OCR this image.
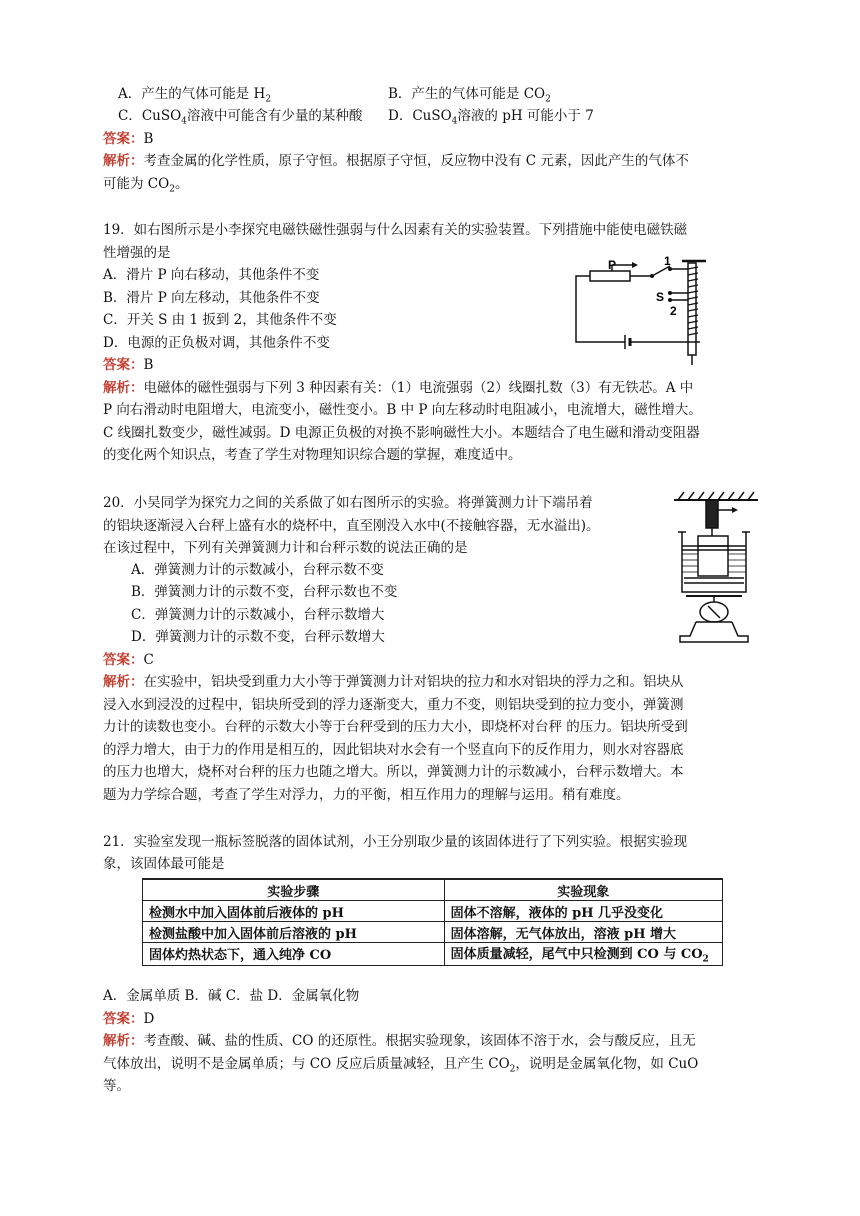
A．产生的气体可能是 $H_2$	B．产生的气体可能是 $CO_2$
C．CuSO$_4$溶液中可能含有少量的某种酸 D．CuSO$_4$溶液的 pH 可能小于 7
答案：B
解析：考查金属的化学性质，原子守恒。根据原子守恒，反应物中没有 C 元素，因此产生的气体不
可能为 $CO_2$。
19．如右图所示是小李探究电磁铁磁性强弱与什么因素有关的实验装置。下列措施中能使电磁铁磁
性增强的是
A．滑片 P 向右移动，其他条件不变
B．滑片 P 向左移动，其他条件不变
C．开关 S 由 1 扳到 2，其他条件不变
D．电源的正负极对调，其他条件不变
答案：B
解析：电磁体的磁性强弱与下列 3 种因素有关：（1）电流强弱（2）线圈扎数（3）有无铁芯。A 中
P 向右滑动时电阻增大，电流变小，磁性变小。B 中 P 向左移动时电阻减小，电流增大，磁性增大。
C 线圈扎数变少，磁性减弱。D 电源正负极的对换不影响磁性大小。本题结合了电生磁和滑动变阻器
的变化两个知识点，考查了学生对物理知识综合题的掌握，难度适中。
P	1
S
2
20．小吴同学为探究力之间的关系做了如右图所示的实验。将弹簧测力计下端吊着
的铝块逐渐浸入台秤上盛有水的烧杯中，直至刚没入水中(不接触容器，无水溢出)。
在该过程中，下列有关弹簧测力计和台秤示数的说法正确的是
A．弹簧测力计的示数减小，台秤示数不变
B．弹簧测力计的示数不变，台秤示数也不变
C．弹簧测力计的示数减小，台秤示数增大
D．弹簧测力计的示数不变，台秤示数增大
答案：C
解析：在实验中，铝块受到重力大小等于弹簧测力计对铝块的拉力和水对铝块的浮力之和。铝块从
浸入水到浸没的过程中，铝块所受到的浮力逐渐变大，重力不变，则铝块受到的拉力变小，弹簧测
力计的读数也变小。台秤的示数大小等于台秤受到的压力大小，即烧杯对台秤 的压力。铝块所受到
的浮力增大，由于力的作用是相互的，因此铝块对水会有一个竖直向下的反作用力，则水对容器底
的压力也增大，烧杯对台秤的压力也随之增大。所以，弹簧测力计的示数减小，台秤示数增大。本
题为力学综合题，考查了学生对浮力，力的平衡，相互作用力的理解与运用。稍有难度。
21．实验室发现一瓶标签脱落的固体试剂，小王分别取少量的该固体进行了下列实验。根据实验现
象，该固体最可能是
实验步骤	实验现象
检测水中加入固体前后液体的 pH	固体不溶解，液体的 pH 几乎没变化
检测盐酸中加入固体前后溶液的 pH	固体溶解，无气体放出，溶液 pH 增大
固体灼热状态下，通入纯净 CO	固体质量减轻，尾气中只检测到 CO 与 $CO_2$
A．金属单质 B．碱 C．盐 D．金属氧化物
答案：D
解析：考查酸、碱、盐的性质、CO 的还原性。根据实验现象，该固体不溶于水，会与酸反应，且无
气体放出，说明不是金属单质；与 CO 反应后质量减轻，且产生 $CO_2$，说明是金属氧化物，如 CuO
等。
